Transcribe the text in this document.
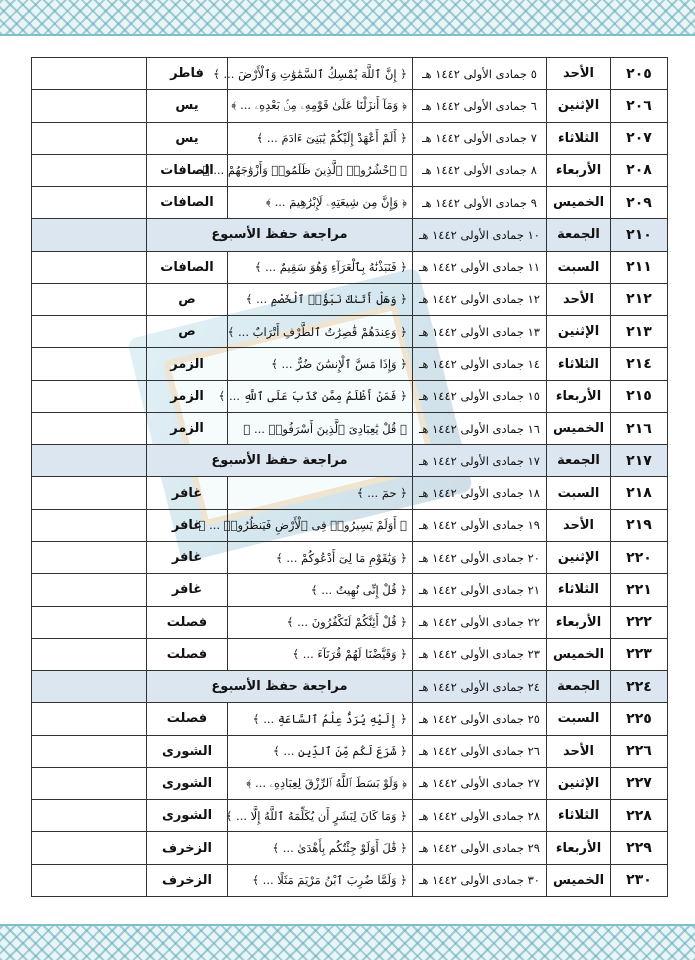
٢٠٥	الأحد	٥ جمادى الأولى ١٤٤٢ هـ	﴿ إِنَّ ٱللَّهَ يُمْسِكُ ٱلسَّمَٰوَٰتِ وَٱلْأَرْضَ ... ﴾	فاطر	
٢٠٦	الإثنين	٦ جمادى الأولى ١٤٤٢ هـ	﴿ وَمَآ أَنزَلْنَا عَلَىٰ قَوْمِهِۦ مِنۢ بَعْدِهِۦ ... ﴾	يس	
٢٠٧	الثلاثاء	٧ جمادى الأولى ١٤٤٢ هـ	﴿ أَلَمْ أَعْهَدْ إِلَيْكُمْ يَٰبَنِىٓ ءَادَمَ ... ﴾	يس	
٢٠٨	الأربعاء	٨ جمادى الأولى ١٤٤٢ هـ	﴿ ٱحْشُرُوا۟ ٱلَّذِينَ ظَلَمُوا۟ وَأَزْوَٰجَهُمْ ... ﴾	الصافات	
٢٠٩	الخميس	٩ جمادى الأولى ١٤٤٢ هـ	﴿ وَإِنَّ مِن شِيعَتِهِۦ لَإِبْرَٰهِيمَ ... ﴾	الصافات	
٢١٠	الجمعة	١٠ جمادى الأولى ١٤٤٢ هـ	مراجعة حفظ الأسبوع		
٢١١	السبت	١١ جمادى الأولى ١٤٤٢ هـ	﴿ فَنَبَذْنَٰهُ بِٱلْعَرَآءِ وَهُوَ سَقِيمٌ ... ﴾	الصافات	
٢١٢	الأحد	١٢ جمادى الأولى ١٤٤٢ هـ	﴿ وَهَلْ أَتَىٰكَ نَبَؤُا۟ ٱلْخَصْمِ ... ﴾	ص	
٢١٣	الإثنين	١٣ جمادى الأولى ١٤٤٢ هـ	﴿ وَعِندَهُمْ قَٰصِرَٰتُ ٱلطَّرْفِ أَتْرَابٌ ... ﴾	ص	
٢١٤	الثلاثاء	١٤ جمادى الأولى ١٤٤٢ هـ	﴿ وَإِذَا مَسَّ ٱلْإِنسَٰنَ ضُرٌّ ... ﴾	الزمر	
٢١٥	الأربعاء	١٥ جمادى الأولى ١٤٤٢ هـ	﴿ فَمَنْ أَظْلَمُ مِمَّن كَذَبَ عَلَى ٱللَّهِ ... ﴾	الزمر	
٢١٦	الخميس	١٦ جمادى الأولى ١٤٤٢ هـ	﴿ قُلْ يَٰعِبَادِىَ ٱلَّذِينَ أَسْرَفُوا۟ ... ﴾	الزمر	
٢١٧	الجمعة	١٧ جمادى الأولى ١٤٤٢ هـ	مراجعة حفظ الأسبوع		
٢١٨	السبت	١٨ جمادى الأولى ١٤٤٢ هـ	﴿ حمٓ ... ﴾	غافر	
٢١٩	الأحد	١٩ جمادى الأولى ١٤٤٢ هـ	﴿ أَوَلَمْ يَسِيرُوا۟ فِى ٱلْأَرْضِ فَيَنظُرُوا۟ ... ﴾	غافر	
٢٢٠	الإثنين	٢٠ جمادى الأولى ١٤٤٢ هـ	﴿ وَيَٰقَوْمِ مَا لِىٓ أَدْعُوكُمْ ... ﴾	غافر	
٢٢١	الثلاثاء	٢١ جمادى الأولى ١٤٤٢ هـ	﴿ قُلْ إِنِّى نُهِيتُ ... ﴾	غافر	
٢٢٢	الأربعاء	٢٢ جمادى الأولى ١٤٤٢ هـ	﴿ قُلْ أَئِنَّكُمْ لَتَكْفُرُونَ ... ﴾	فصلت	
٢٢٣	الخميس	٢٣ جمادى الأولى ١٤٤٢ هـ	﴿ وَقَيَّضْنَا لَهُمْ قُرَنَآءَ ... ﴾	فصلت	
٢٢٤	الجمعة	٢٤ جمادى الأولى ١٤٤٢ هـ	مراجعة حفظ الأسبوع		
٢٢٥	السبت	٢٥ جمادى الأولى ١٤٤٢ هـ	﴿ إِلَيْهِ يُرَدُّ عِلْمُ ٱلسَّاعَةِ ... ﴾	فصلت	
٢٢٦	الأحد	٢٦ جمادى الأولى ١٤٤٢ هـ	﴿ شَرَعَ لَكُم مِّنَ ٱلدِّينِ ... ﴾	الشورى	
٢٢٧	الإثنين	٢٧ جمادى الأولى ١٤٤٢ هـ	﴿ وَلَوْ بَسَطَ ٱللَّهُ ٱلرِّزْقَ لِعِبَادِهِۦ ... ﴾	الشورى	
٢٢٨	الثلاثاء	٢٨ جمادى الأولى ١٤٤٢ هـ	﴿ وَمَا كَانَ لِبَشَرٍ أَن يُكَلِّمَهُ ٱللَّهُ إِلَّا ... ﴾	الشورى	
٢٢٩	الأربعاء	٢٩ جمادى الأولى ١٤٤٢ هـ	﴿ قَٰلَ أَوَلَوْ جِئْتُكُم بِأَهْدَىٰ ... ﴾	الزخرف	
٢٣٠	الخميس	٣٠ جمادى الأولى ١٤٤٢ هـ	﴿ وَلَمَّا ضُرِبَ ٱبْنُ مَرْيَمَ مَثَلًا ... ﴾	الزخرف	
